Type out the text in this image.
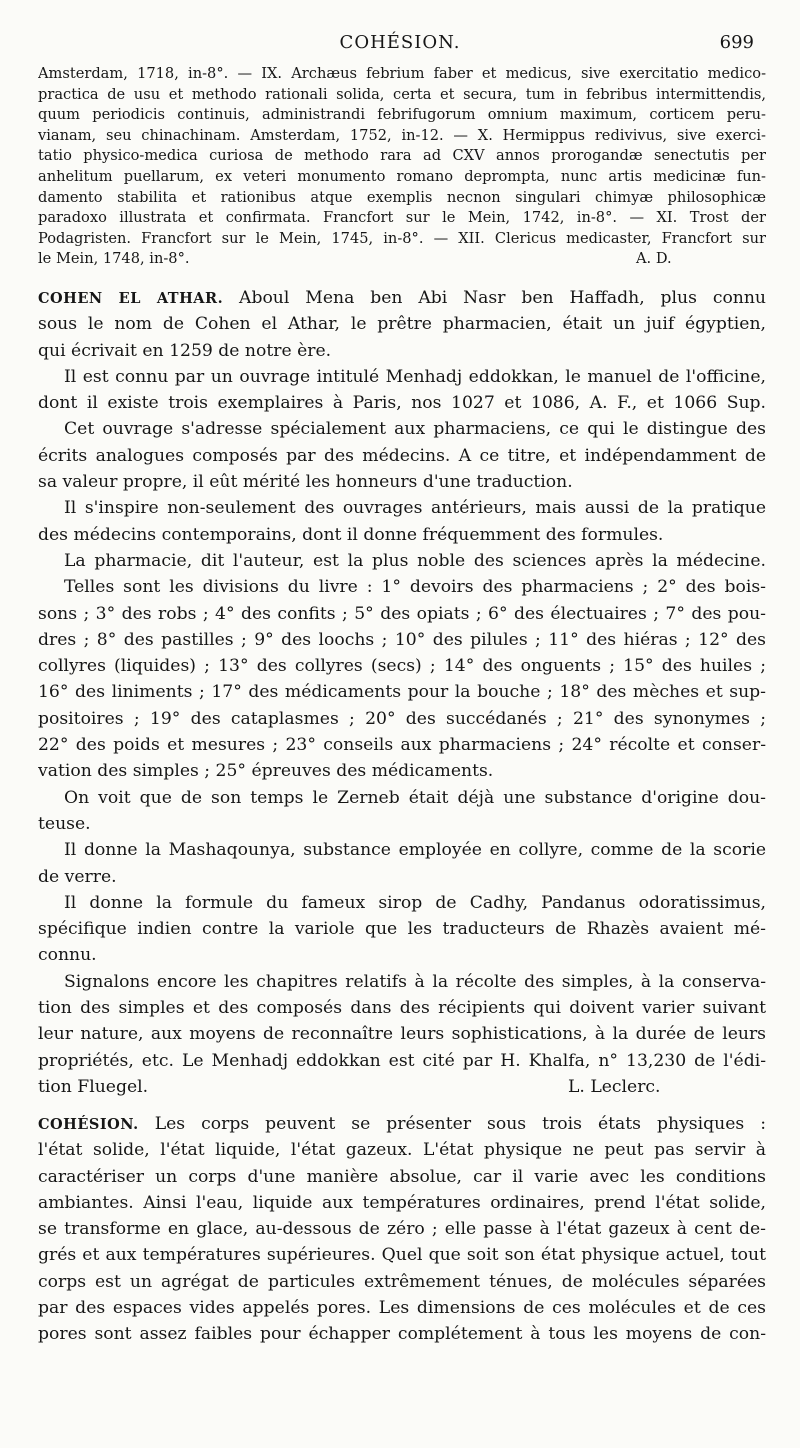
COHÉSION.	699
Amsterdam, 1718, in-8°. — IX. Archæus febrium faber et medicus, sive exercitatio medico-
practica de usu et methodo rationali solida, certa et secura, tum in febribus intermittendis,
quum periodicis continuis, administrandi febrifugorum omnium maximum, corticem peru-
vianam, seu chinachinam. Amsterdam, 1752, in-12. — X. Hermippus redivivus, sive exerci-
tatio physico-medica curiosa de methodo rara ad CXV annos prorogandæ senectutis per
anhelitum puellarum, ex veteri monumento romano deprompta, nunc artis medicinæ fun-
damento stabilita et rationibus atque exemplis necnon singulari chimyæ philosophicæ
paradoxo illustrata et confirmata. Francfort sur le Mein, 1742, in-8°. — XI. Trost der
Podagristen. Francfort sur le Mein, 1745, in-8°. — XII. Clericus medicaster, Francfort sur
le Mein, 1748, in-8°.	A. D.
COHEN EL ATHAR. Aboul Mena ben Abi Nasr ben Haffadh, plus connu
sous le nom de Cohen el Athar, le prêtre pharmacien, était un juif égyptien,
qui écrivait en 1259 de notre ère.
Il est connu par un ouvrage intitulé Menhadj eddokkan, le manuel de l'officine,
dont il existe trois exemplaires à Paris, nos 1027 et 1086, A. F., et 1066 Sup.
Cet ouvrage s'adresse spécialement aux pharmaciens, ce qui le distingue des
écrits analogues composés par des médecins. A ce titre, et indépendamment de
sa valeur propre, il eût mérité les honneurs d'une traduction.
Il s'inspire non-seulement des ouvrages antérieurs, mais aussi de la pratique
des médecins contemporains, dont il donne fréquemment des formules.
La pharmacie, dit l'auteur, est la plus noble des sciences après la médecine.
Telles sont les divisions du livre : 1° devoirs des pharmaciens ; 2° des bois-
sons ; 3° des robs ; 4° des confits ; 5° des opiats ; 6° des électuaires ; 7° des pou-
dres ; 8° des pastilles ; 9° des loochs ; 10° des pilules ; 11° des hiéras ; 12° des
collyres (liquides) ; 13° des collyres (secs) ; 14° des onguents ; 15° des huiles ;
16° des liniments ; 17° des médicaments pour la bouche ; 18° des mèches et sup-
positoires ; 19° des cataplasmes ; 20° des succédanés ; 21° des synonymes ;
22° des poids et mesures ; 23° conseils aux pharmaciens ; 24° récolte et conser-
vation des simples ; 25° épreuves des médicaments.
On voit que de son temps le Zerneb était déjà une substance d'origine dou-
teuse.
Il donne la Mashaqounya, substance employée en collyre, comme de la scorie
de verre.
Il donne la formule du fameux sirop de Cadhy, Pandanus odoratissimus,
spécifique indien contre la variole que les traducteurs de Rhazès avaient mé-
connu.
Signalons encore les chapitres relatifs à la récolte des simples, à la conserva-
tion des simples et des composés dans des récipients qui doivent varier suivant
leur nature, aux moyens de reconnaître leurs sophistications, à la durée de leurs
propriétés, etc. Le Menhadj eddokkan est cité par H. Khalfa, n° 13,230 de l'édi-
tion Fluegel.	L. Leclerc.
COHÉSION. Les corps peuvent se présenter sous trois états physiques :
l'état solide, l'état liquide, l'état gazeux. L'état physique ne peut pas servir à
caractériser un corps d'une manière absolue, car il varie avec les conditions
ambiantes. Ainsi l'eau, liquide aux températures ordinaires, prend l'état solide,
se transforme en glace, au-dessous de zéro ; elle passe à l'état gazeux à cent de-
grés et aux températures supérieures. Quel que soit son état physique actuel, tout
corps est un agrégat de particules extrêmement ténues, de molécules séparées
par des espaces vides appelés pores. Les dimensions de ces molécules et de ces
pores sont assez faibles pour échapper complétement à tous les moyens de con-
